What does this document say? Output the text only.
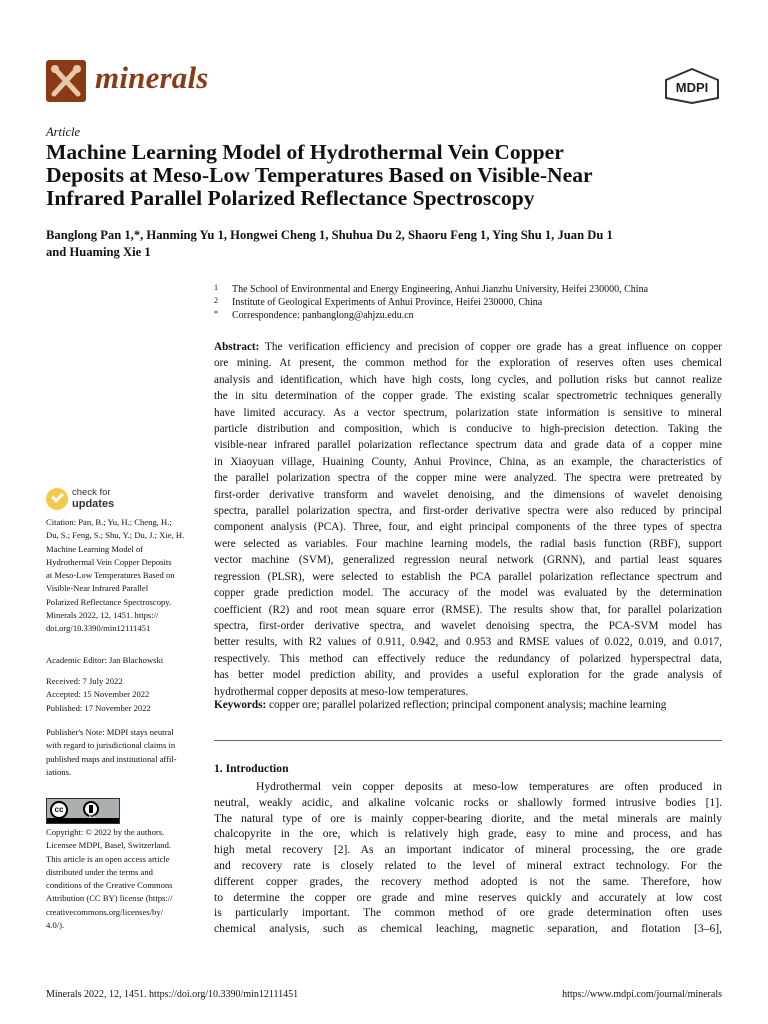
minerals	MDPI
Article
Machine Learning Model of Hydrothermal Vein Copper
Deposits at Meso-Low Temperatures Based on Visible-Near
Infrared Parallel Polarized Reflectance Spectroscopy
Banglong Pan 1,*, Hanming Yu 1, Hongwei Cheng 1, Shuhua Du 2, Shaoru Feng 1, Ying Shu 1, Juan Du 1
and Huaming Xie 1
1 The School of Environmental and Energy Engineering, Anhui Jianzhu University, Heifei 230000, China
2 Institute of Geological Experiments of Anhui Province, Heifei 230000, China
* Correspondence: panbanglong@ahjzu.edu.cn
Abstract: The verification efficiency and precision of copper ore grade has a great influence on copper
ore mining. At present, the common method for the exploration of reserves often uses chemical
analysis and identification, which have high costs, long cycles, and pollution risks but cannot realize
the in situ determination of the copper grade. The existing scalar spectrometric techniques generally
have limited accuracy. As a vector spectrum, polarization state information is sensitive to mineral
particle distribution and composition, which is conducive to high-precision detection. Taking the
visible-near infrared parallel polarization reflectance spectrum data and grade data of a copper mine
in Xiaoyuan village, Huaining County, Anhui Province, China, as an example, the characteristics of
the parallel polarization spectra of the copper mine were analyzed. The spectra were pretreated by
first-order derivative transform and wavelet denoising, and the dimensions of wavelet denoising
spectra, parallel polarization spectra, and first-order derivative spectra were also reduced by principal
component analysis (PCA). Three, four, and eight principal components of the three types of spectra
were selected as variables. Four machine learning models, the radial basis function (RBF), support
vector machine (SVM), generalized regression neural network (GRNN), and partial least squares
regression (PLSR), were selected to establish the PCA parallel polarization reflectance spectrum and
copper grade prediction model. The accuracy of the model was evaluated by the determination
coefficient (R2) and root mean square error (RMSE). The results show that, for parallel polarization
spectra, first-order derivative spectra, and wavelet denoising spectra, the PCA-SVM model has
better results, with R2 values of 0.911, 0.942, and 0.953 and RMSE values of 0.022, 0.019, and 0.017,
respectively. This method can effectively reduce the redundancy of polarized hyperspectral data,
has better model prediction ability, and provides a useful exploration for the grade analysis of
hydrothermal copper deposits at meso-low temperatures.
Keywords: copper ore; parallel polarized reflection; principal component analysis; machine learning
1. Introduction
Hydrothermal vein copper deposits at meso-low temperatures are often produced in
neutral, weakly acidic, and alkaline volcanic rocks or shallowly formed intrusive bodies [1].
The natural type of ore is mainly copper-bearing diorite, and the metal minerals are mainly
chalcopyrite in the ore, which is relatively high grade, easy to mine and process, and has
high metal recovery [2]. As an important indicator of mineral processing, the ore grade
and recovery rate is closely related to the level of mineral extract technology. For the
different copper grades, the recovery method adopted is not the same. Therefore, how
to determine the copper ore grade and mine reserves quickly and accurately at low cost
is particularly important. The common method of ore grade determination often uses
chemical analysis, such as chemical leaching, magnetic separation, and flotation [3–6],
check for
updates
Citation: Pan, B.; Yu, H.; Cheng, H.;
Du, S.; Feng, S.; Shu, Y.; Du, J.; Xie, H.
Machine Learning Model of
Hydrothermal Vein Copper Deposits
at Meso-Low Temperatures Based on
Visible-Near Infrared Parallel
Polarized Reflectance Spectroscopy.
Minerals 2022, 12, 1451. https://
doi.org/10.3390/min12111451
Academic Editor: Jan Blachowski
Received: 7 July 2022
Accepted: 15 November 2022
Published: 17 November 2022
Publisher's Note: MDPI stays neutral
with regard to jurisdictional claims in
published maps and institutional affil-
iations.
cc
Copyright: © 2022 by the authors.
Licensee MDPI, Basel, Switzerland.
This article is an open access article
distributed under the terms and
conditions of the Creative Commons
Attribution (CC BY) license (https://
creativecommons.org/licenses/by/
4.0/).
Minerals 2022, 12, 1451. https://doi.org/10.3390/min12111451	https://www.mdpi.com/journal/minerals
